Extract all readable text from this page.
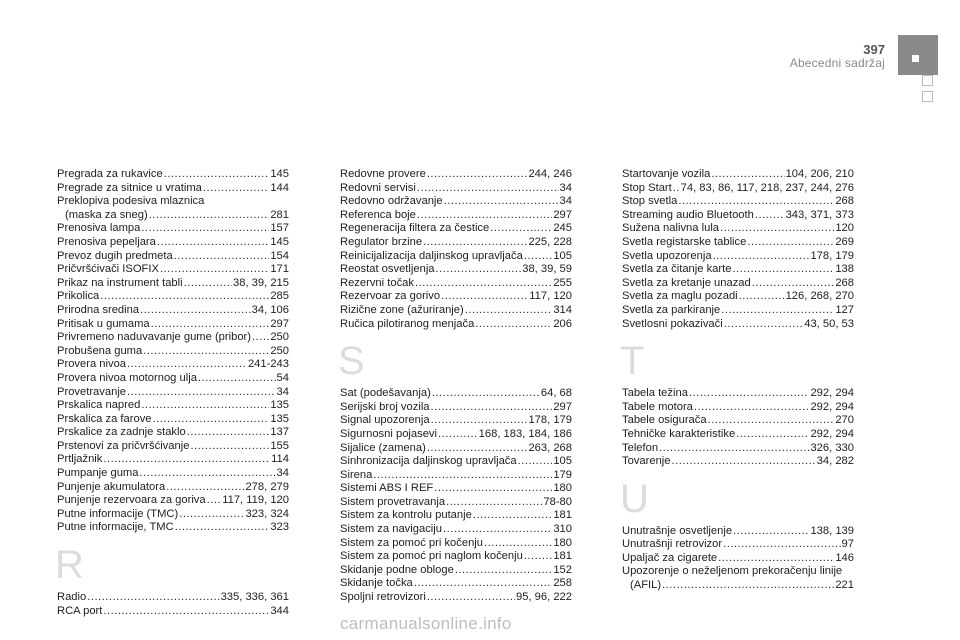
397
Abecedni sadržaj
Pregrada za rukavice .....	145
Pregrade za sitnice u vratima .....	144
Preklopiva podesiva mlaznica
(maska za sneg) .....	281
Prenosiva lampa .....	157
Prenosiva pepeljara .....	145
Prevoz dugih predmeta .....	154
Pričvršćivači ISOFIX .....	171
Prikaz na instrument tabli .....	38, 39, 215
Prikolica .....	285
Prirodna sredina .....	34, 106
Pritisak u gumama .....	297
Privremeno naduvavanje gume (pribor) ..... 250
Probušena guma .....	250
Provera nivoa .....	241-243
Provera nivoa motornog ulja .....	54
Provetravanje .....	34
Prskalica napred .....	135
Prskalica za farove .....	135
Prskalice za zadnje staklo .....	137
Prstenovi za pričvršćivanje .....	155
Prtljažnik .....	114
Pumpanje guma .....	34
Punjenje akumulatora .....	278, 279
Punjenje rezervoara za goriva ..... 117, 119, 120
Putne informacije (TMC) .....	323, 324
Putne informacije, TMC .....	323
R
Radio .....	335, 336, 361
RCA port .....	344
Redovne provere .....	244, 246
Redovni servisi .....	34
Redovno održavanje .....	34
Referenca boje .....	297
Regeneracija filtera za čestice .....	245
Regulator brzine .....	225, 228
Reinicijalizacija daljinskog upravljača .....	105
Reostat osvetljenja .....	38, 39, 59
Rezervni točak .....	255
Rezervoar za gorivo .....	117, 120
Rizične zone (ažuriranje) .....	314
Ručica pilotiranog menjača .....	206
S
Sat (podešavanja) .....	64, 68
Serijski broj vozila .....	297
Signal upozorenja .....	178, 179
Sigurnosni pojasevi .....	168, 183, 184, 186
Sijalice (zamena) .....	263, 268
Sinhronizacija daljinskog upravljača .....	105
Sirena .....	179
Sistemi ABS I REF .....	180
Sistem provetravanja .....	78-80
Sistem za kontrolu putanje .....	181
Sistem za navigaciju .....	310
Sistem za pomoć pri kočenju .....	180
Sistem za pomoć pri naglom kočenju .....	181
Skidanje podne obloge .....	152
Skidanje točka .....	258
Spoljni retrovizori .....	95, 96, 222
Startovanje vozila .....	104, 206, 210
Stop Start ..... 74, 83, 86, 117, 218, 237, 244, 276
Stop svetla .....	268
Streaming audio Bluetooth .....	343, 371, 373
Sužena nalivna lula .....	120
Svetla registarske tablice .....	269
Svetla upozorenja .....	178, 179
Svetla za čitanje karte .....	138
Svetla za kretanje unazad .....	268
Svetla za maglu pozadi .....	126, 268, 270
Svetla za parkiranje .....	127
Svetlosni pokazivači .....	43, 50, 53
T
Tabela težina .....	292, 294
Tabele motora .....	292, 294
Tabele osigurača .....	270
Tehničke karakteristike .....	292, 294
Telefon .....	326, 330
Tovarenje .....	34, 282
U
Unutrašnje osvetljenje .....	138, 139
Unutrašnji retrovizor .....	97
Upaljač za cigarete .....	146
Upozorenje o neželjenom prekoračenju linije
(AFIL) .....	221
carmanualsonline.info
